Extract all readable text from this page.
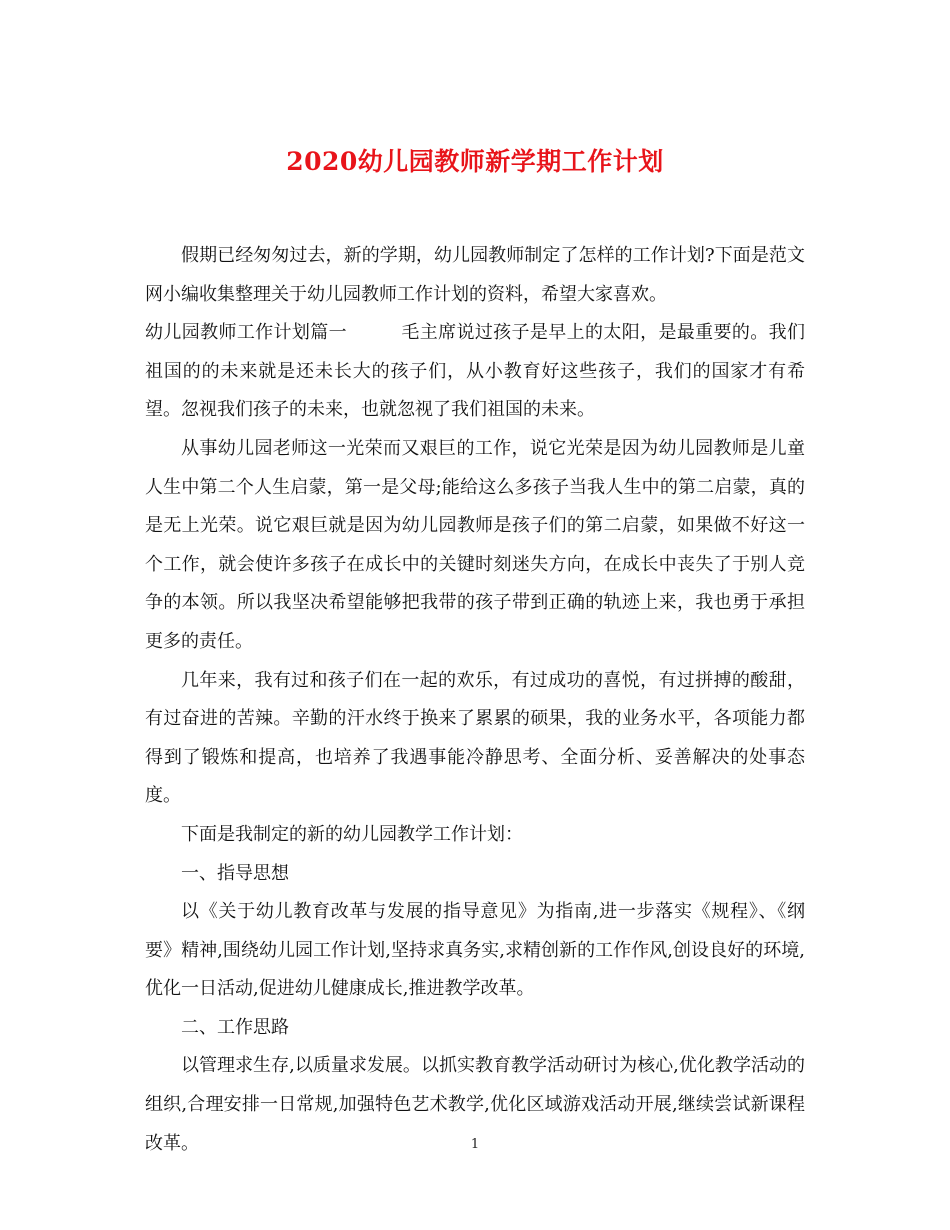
2020幼儿园教师新学期工作计划

假期已经匆匆过去，新的学期，幼儿园教师制定了怎样的工作计划?下面是范文网小编收集整理关于幼儿园教师工作计划的资料，希望大家喜欢。

幼儿园教师工作计划篇一	毛主席说过孩子是早上的太阳，是最重要的。我们祖国的的未来就是还未长大的孩子们，从小教育好这些孩子，我们的国家才有希望。忽视我们孩子的未来，也就忽视了我们祖国的未来。

从事幼儿园老师这一光荣而又艰巨的工作，说它光荣是因为幼儿园教师是儿童人生中第二个人生启蒙，第一是父母;能给这么多孩子当我人生中的第二启蒙，真的是无上光荣。说它艰巨就是因为幼儿园教师是孩子们的第二启蒙，如果做不好这一个工作，就会使许多孩子在成长中的关键时刻迷失方向，在成长中丧失了于别人竞争的本领。所以我坚决希望能够把我带的孩子带到正确的轨迹上来，我也勇于承担更多的责任。

几年来，我有过和孩子们在一起的欢乐，有过成功的喜悦，有过拼搏的酸甜，有过奋进的苦辣。辛勤的汗水终于换来了累累的硕果，我的业务水平，各项能力都得到了锻炼和提高，也培养了我遇事能冷静思考、全面分析、妥善解决的处事态度。

下面是我制定的新的幼儿园教学工作计划：

一、指导思想

以《关于幼儿教育改革与发展的指导意见》为指南,进一步落实《规程》、《纲要》精神,围绕幼儿园工作计划,坚持求真务实,求精创新的工作作风,创设良好的环境,优化一日活动,促进幼儿健康成长,推进教学改革。

二、工作思路

以管理求生存,以质量求发展。以抓实教育教学活动研讨为核心,优化教学活动的组织,合理安排一日常规,加强特色艺术教学,优化区域游戏活动开展,继续尝试新课程改革。	1
